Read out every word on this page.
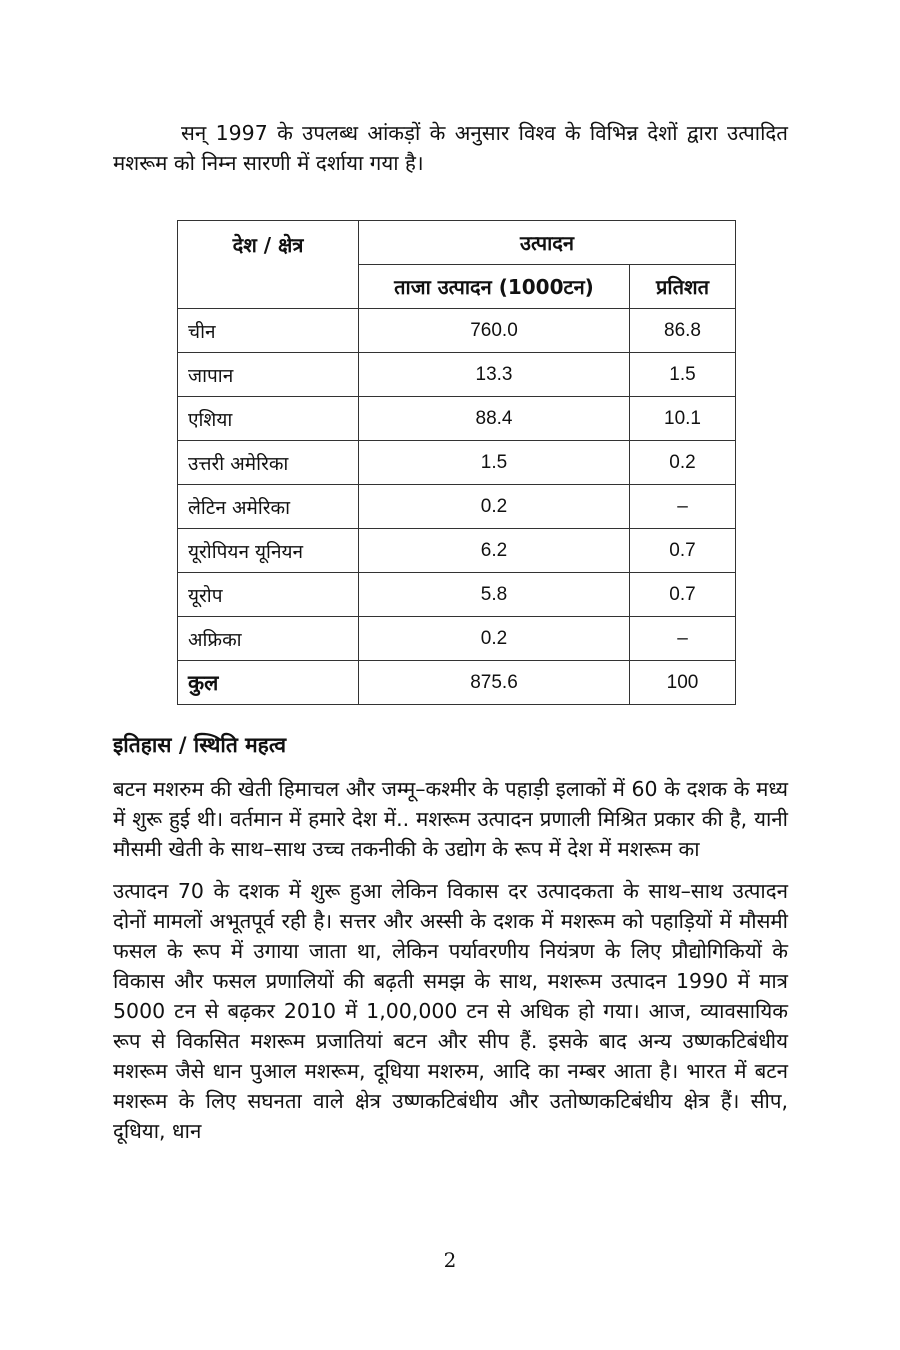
सन् 1997 के उपलब्ध आंकड़ों के अनुसार विश्व के विभिन्न देशों द्वारा उत्पादित मशरूम को निम्न सारणी में दर्शाया गया है।

देश / क्षेत्र	उत्पादन	
	ताजा उत्पादन (1000टन)	प्रतिशत
चीन	760.0	86.8
जापान	13.3	1.5
एशिया	88.4	10.1
उत्तरी अमेरिका	1.5	0.2
लेटिन अमेरिका	0.2	–
यूरोपियन यूनियन	6.2	0.7
यूरोप	5.8	0.7
अफ्रिका	0.2	–
कुल	875.6	100

इतिहास / स्थिति महत्व

बटन मशरुम की खेती हिमाचल और जम्मू–कश्मीर के पहाड़ी इलाकों में 60 के दशक के मध्य में शुरू हुई थी। वर्तमान में हमारे देश में.. मशरूम उत्पादन प्रणाली मिश्रित प्रकार की है, यानी मौसमी खेती के साथ–साथ उच्च तकनीकी के उद्योग के रूप में देश में मशरूम का

उत्पादन 70 के दशक में शुरू हुआ लेकिन विकास दर उत्पादकता के साथ–साथ उत्पादन दोनों मामलों अभूतपूर्व रही है। सत्तर और अस्सी के दशक में मशरूम को पहाड़ियों में मौसमी फसल के रूप में उगाया जाता था, लेकिन पर्यावरणीय नियंत्रण के लिए प्रौद्योगिकियों के विकास और फसल प्रणालियों की बढ़ती समझ के साथ, मशरूम उत्पादन 1990 में मात्र 5000 टन से बढ़कर 2010 में 1,00,000 टन से अधिक हो गया। आज, व्यावसायिक रूप से विकसित मशरूम प्रजातियां बटन और सीप हैं. इसके बाद अन्य उष्णकटिबंधीय मशरूम जैसे धान पुआल मशरूम, दूधिया मशरुम, आदि का नम्बर आता है। भारत में बटन मशरूम के लिए सघनता वाले क्षेत्र उष्णकटिबंधीय और उतोष्णकटिबंधीय क्षेत्र हैं। सीप, दूधिया, धान

2
